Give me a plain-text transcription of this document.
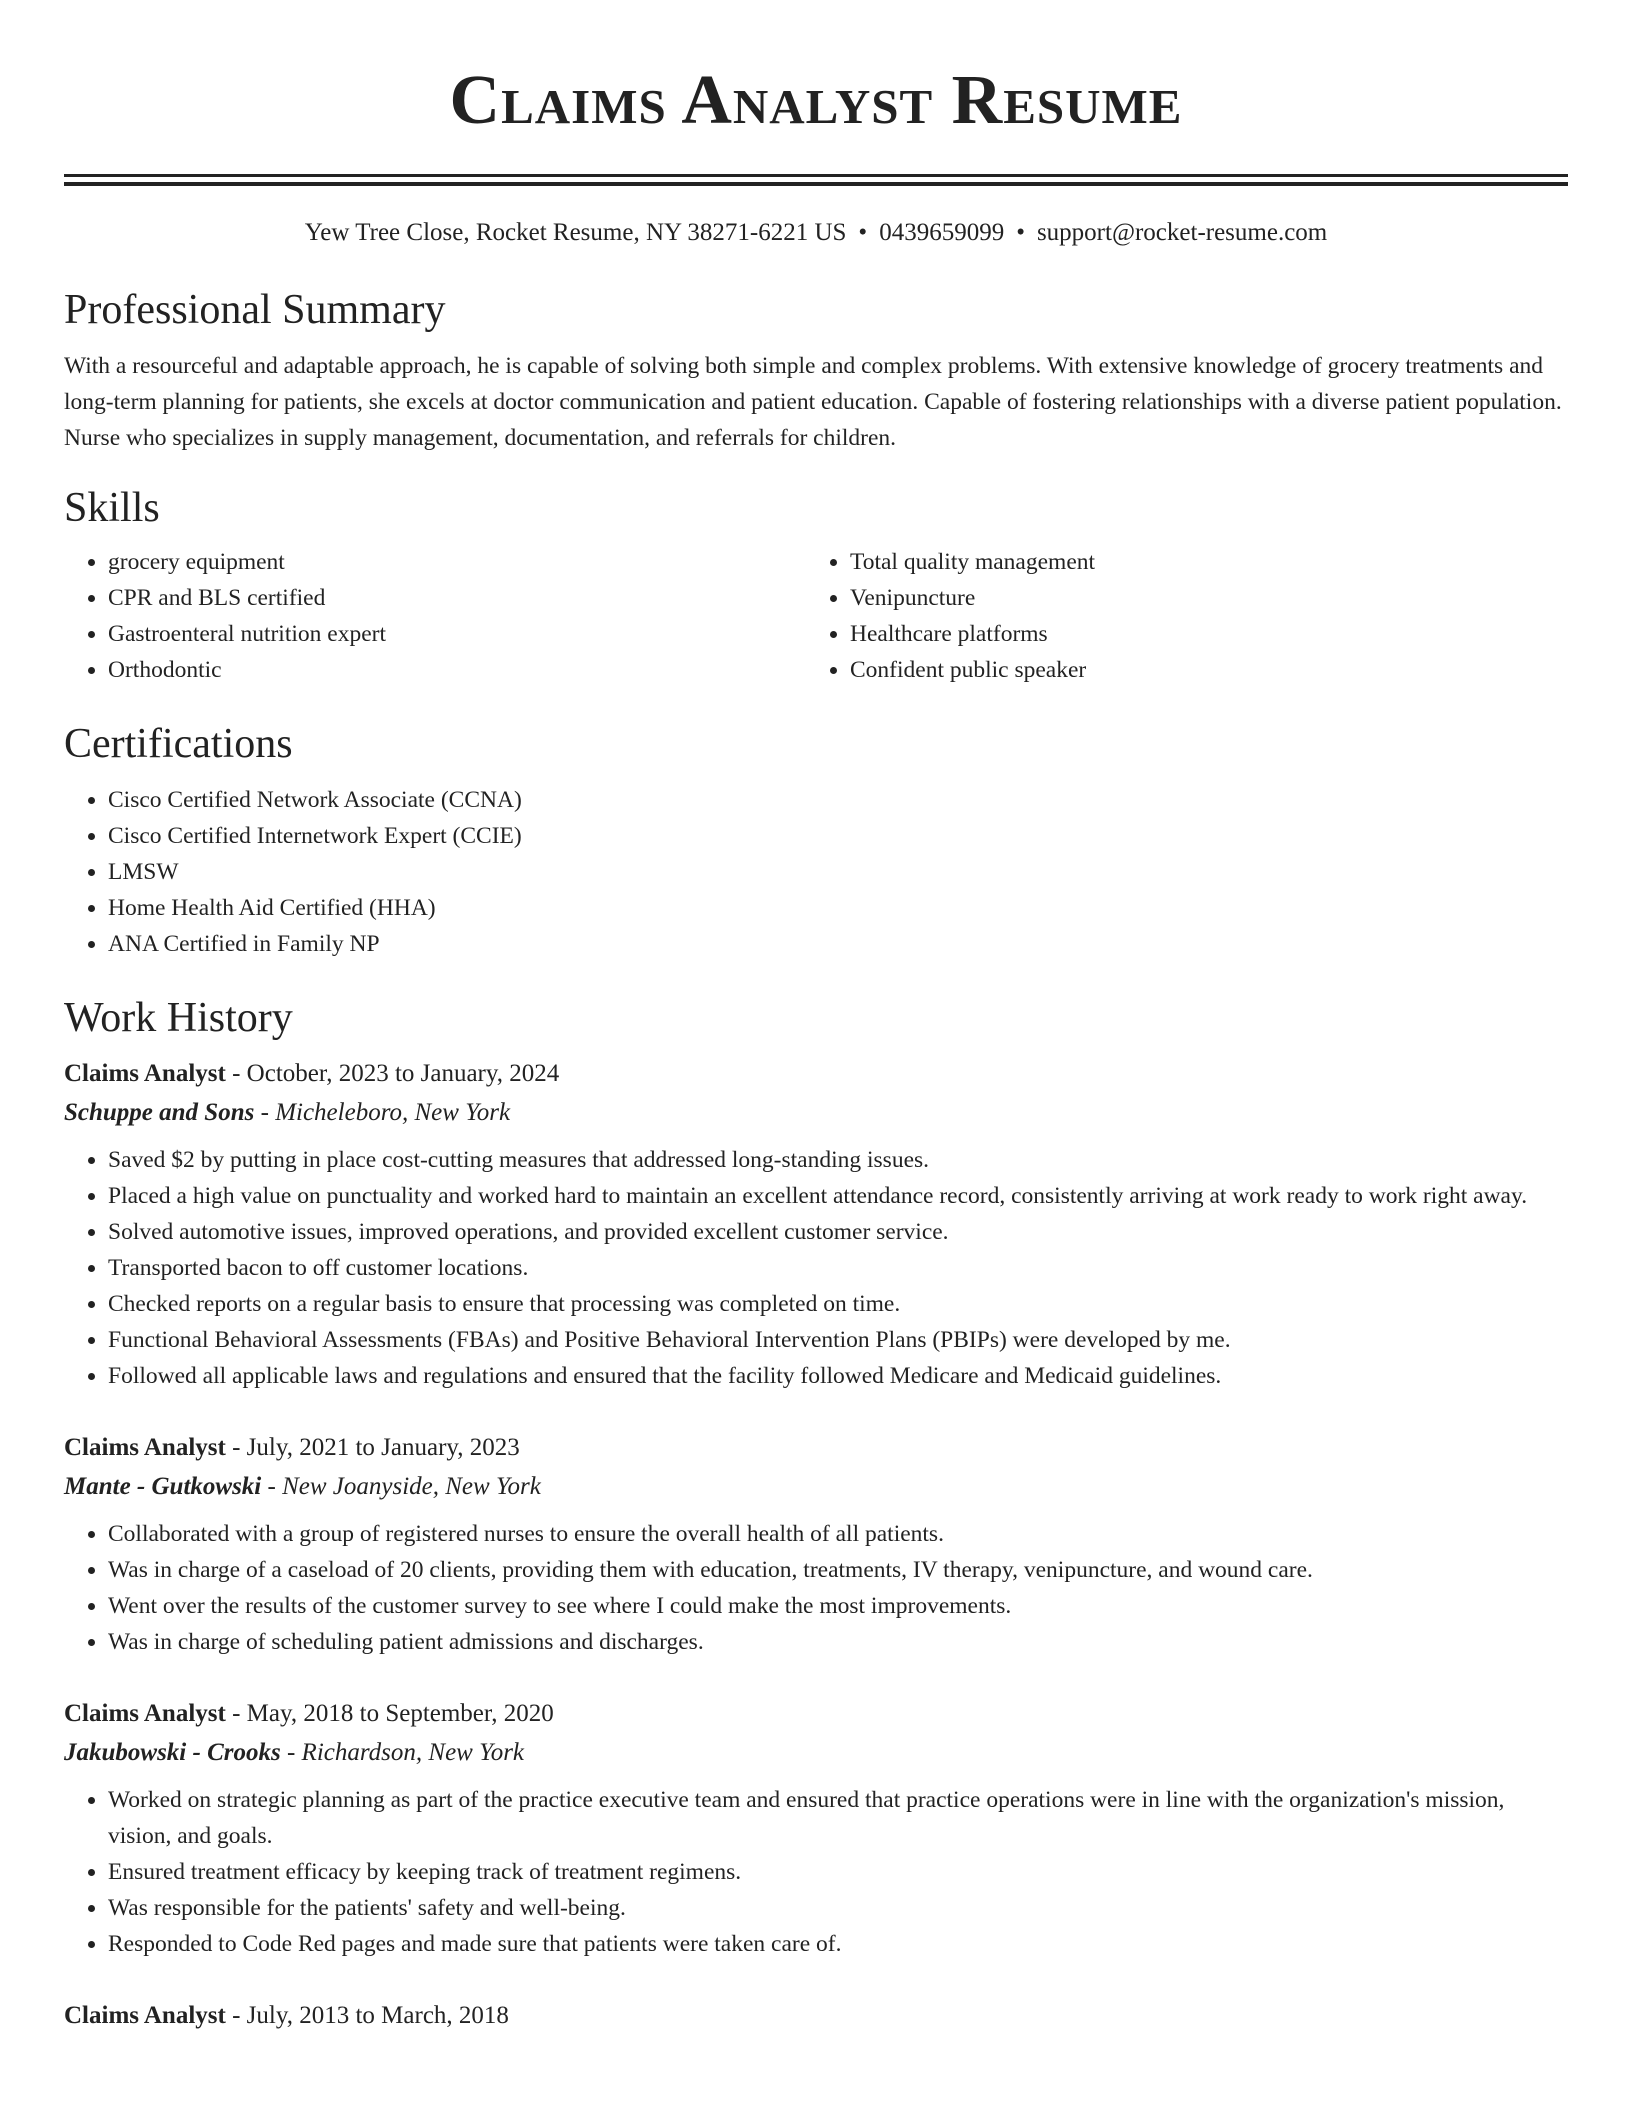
Claims Analyst Resume
Yew Tree Close, Rocket Resume, NY 38271-6221 US • 0439659099 • support@rocket-resume.com
Professional Summary

With a resourceful and adaptable approach, he is capable of solving both simple and complex problems. With extensive knowledge of grocery treatments and long-term planning for patients, she excels at doctor communication and patient education. Capable of fostering relationships with a diverse patient population. Nurse who specializes in supply management, documentation, and referrals for children.

Skills
• grocery equipment
• CPR and BLS certified
• Gastroenteral nutrition expert
• Orthodontic
• Total quality management
• Venipuncture
• Healthcare platforms
• Confident public speaker
Certifications
• Cisco Certified Network Associate (CCNA)
• Cisco Certified Internetwork Expert (CCIE)
• LMSW
• Home Health Aid Certified (HHA)
• ANA Certified in Family NP
Work History
Claims Analyst - October, 2023 to January, 2024
Schuppe and Sons - Micheleboro, New York
• Saved $2 by putting in place cost-cutting measures that addressed long-standing issues.
• Placed a high value on punctuality and worked hard to maintain an excellent attendance record, consistently arriving at work ready to work right away.
• Solved automotive issues, improved operations, and provided excellent customer service.
• Transported bacon to off customer locations.
• Checked reports on a regular basis to ensure that processing was completed on time.
• Functional Behavioral Assessments (FBAs) and Positive Behavioral Intervention Plans (PBIPs) were developed by me.
• Followed all applicable laws and regulations and ensured that the facility followed Medicare and Medicaid guidelines.
Claims Analyst - July, 2021 to January, 2023
Mante - Gutkowski - New Joanyside, New York
• Collaborated with a group of registered nurses to ensure the overall health of all patients.
• Was in charge of a caseload of 20 clients, providing them with education, treatments, IV therapy, venipuncture, and wound care.
• Went over the results of the customer survey to see where I could make the most improvements.
• Was in charge of scheduling patient admissions and discharges.
Claims Analyst - May, 2018 to September, 2020
Jakubowski - Crooks - Richardson, New York
• Worked on strategic planning as part of the practice executive team and ensured that practice operations were in line with the organization's mission, vision, and goals.
• Ensured treatment efficacy by keeping track of treatment regimens.
• Was responsible for the patients' safety and well-being.
• Responded to Code Red pages and made sure that patients were taken care of.
Claims Analyst - July, 2013 to March, 2018
